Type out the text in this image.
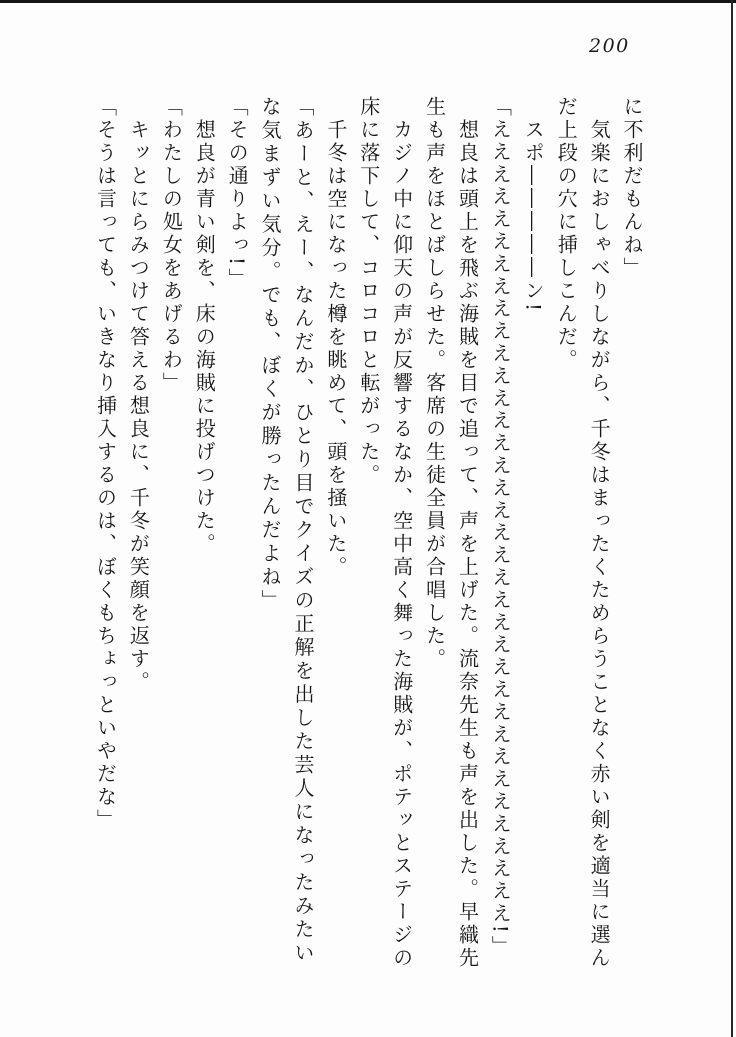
200

に不利だもんね」

気楽におしゃべりしながら、千冬はまったくためらうことなく赤い剣を適当に選んだ上段の穴に挿しこんだ。

スポ―――――ン!

「ええええええええええええええええええええええええええええええええええええ!」

想良は頭上を飛ぶ海賊を目で追って、声を上げた。流奈先生も声を出した。早織先生も声をほとばしらせた。客席の生徒全員が合唱した。

カジノ中に仰天の声が反響するなか、空中高く舞った海賊が、ポテッとステージの床に落下して、コロコロと転がった。

千冬は空になった樽を眺めて、頭を掻いた。

「あーと、えー、なんだか、ひとり目でクイズの正解を出した芸人になったみたいな気まずい気分。でも、ぼくが勝ったんだよね」

「その通りよっ!」

想良が青い剣を、床の海賊に投げつけた。

「わたしの処女をあげるわ」

キッとにらみつけて答える想良に、千冬が笑顔を返す。

「そうは言っても、いきなり挿入するのは、ぼくもちょっといやだな」
